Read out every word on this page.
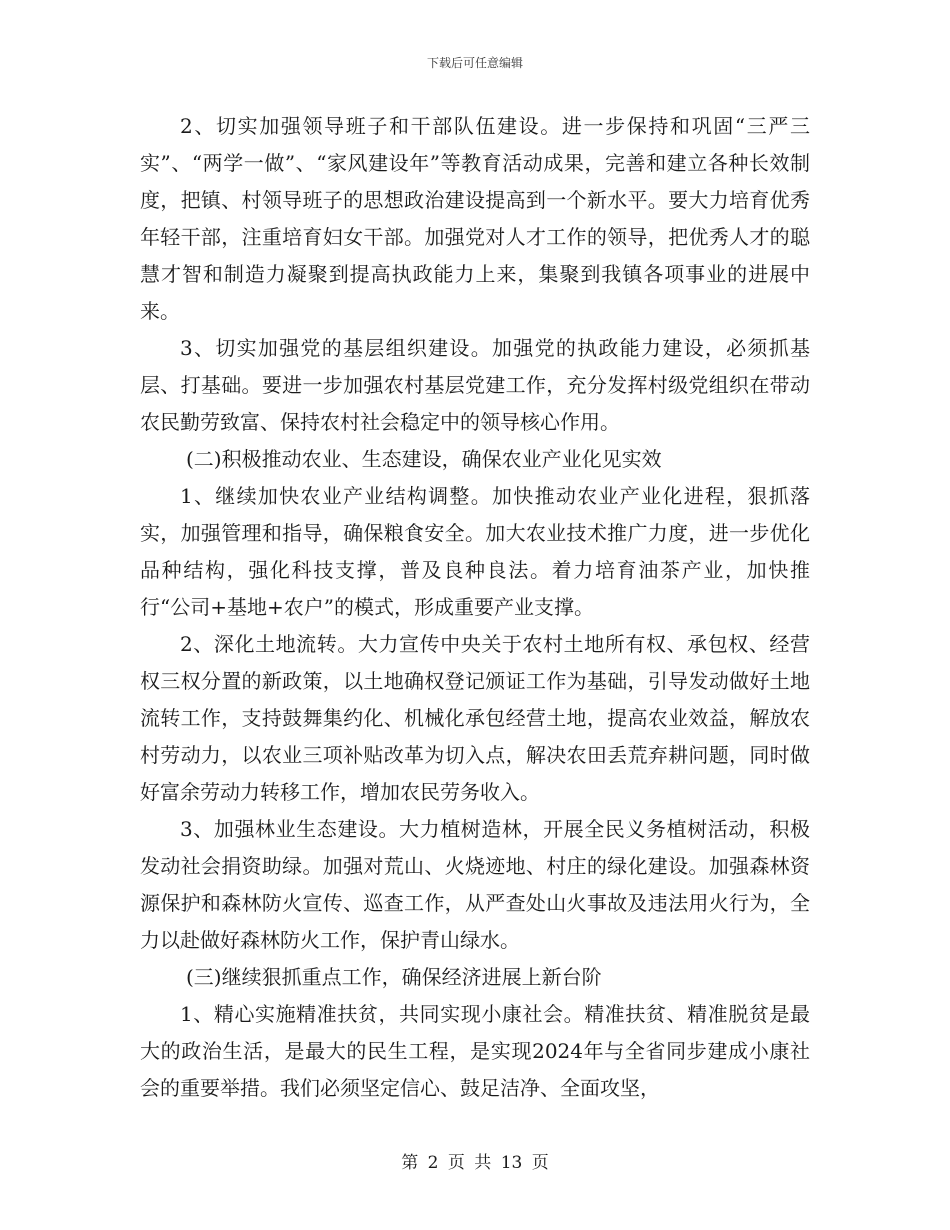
下载后可任意编辑

2、切实加强领导班子和干部队伍建设。进一步保持和巩固“三严三实”、“两学一做”、“家风建设年”等教育活动成果，完善和建立各种长效制度，把镇、村领导班子的思想政治建设提高到一个新水平。要大力培育优秀年轻干部，注重培育妇女干部。加强党对人才工作的领导，把优秀人才的聪慧才智和制造力凝聚到提高执政能力上来，集聚到我镇各项事业的进展中来。

3、切实加强党的基层组织建设。加强党的执政能力建设，必须抓基层、打基础。要进一步加强农村基层党建工作，充分发挥村级党组织在带动农民勤劳致富、保持农村社会稳定中的领导核心作用。

(二)积极推动农业、生态建设，确保农业产业化见实效

1、继续加快农业产业结构调整。加快推动农业产业化进程，狠抓落实，加强管理和指导，确保粮食安全。加大农业技术推广力度，进一步优化品种结构，强化科技支撑，普及良种良法。着力培育油茶产业，加快推行“公司+基地+农户”的模式，形成重要产业支撑。

2、深化土地流转。大力宣传中央关于农村土地所有权、承包权、经营权三权分置的新政策，以土地确权登记颁证工作为基础，引导发动做好土地流转工作，支持鼓舞集约化、机械化承包经营土地，提高农业效益，解放农村劳动力，以农业三项补贴改革为切入点，解决农田丢荒弃耕问题，同时做好富余劳动力转移工作，增加农民劳务收入。

3、加强林业生态建设。大力植树造林，开展全民义务植树活动，积极发动社会捐资助绿。加强对荒山、火烧迹地、村庄的绿化建设。加强森林资源保护和森林防火宣传、巡查工作，从严查处山火事故及违法用火行为，全力以赴做好森林防火工作，保护青山绿水。

(三)继续狠抓重点工作，确保经济进展上新台阶

1、精心实施精准扶贫，共同实现小康社会。精准扶贫、精准脱贫是最大的政治生活，是最大的民生工程，是实现2024年与全省同步建成小康社会的重要举措。我们必须坚定信心、鼓足洁净、全面攻坚，

第 2 页 共 13 页
